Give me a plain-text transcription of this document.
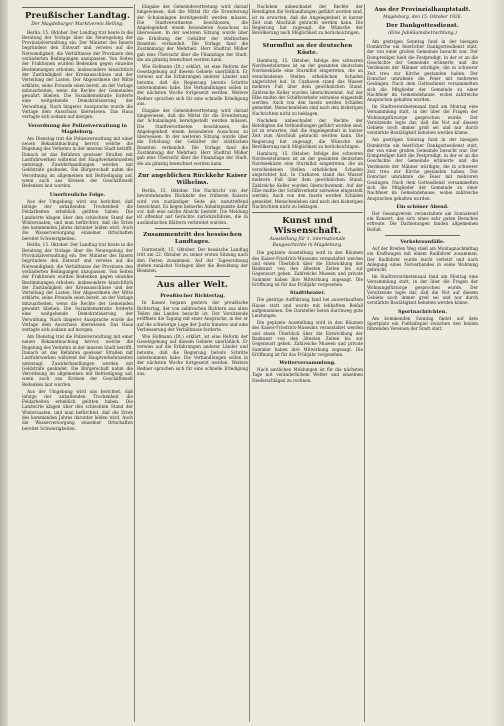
Preußischer Landtag.
Der Magdeburger Marktverein Helling.
Berlin, 15. Oktober. Der Landtag trat heute in die Beratung der Vorlage über die Neuregelung der Provinzialverwaltung ein. Der Minister des Innern begründete den Entwurf und verwies auf die Notwendigkeit, die Verhältnisse der Provinzen den veränderten Bedingungen anzupassen. Von Seiten der Fraktionen wurden Bedenken gegen einzelne Bestimmungen erhoben, insbesondere hinsichtlich der Zuständigkeit der Kreisausschüsse und der Verteilung der Lasten. Der Abgeordnete der Mitte erklärte, seine Freunde seien bereit, an der Vorlage mitzuarbeiten, wenn die Rechte der Gemeinden gewahrt blieben. Die Sozialdemokratie forderte eine weitgehende Demokratisierung der Verwaltung. Nach längerer Aussprache wurde die Vorlage dem Ausschuss überwiesen. Das Haus vertagte sich sodann auf morgen.
Verordnung der Polizeiverwaltung in Magdeburg.
Am Dienstag trat die Polizeiverwaltung mit einer neuen Bekanntmachung hervor, welche die Regelung des Verkehrs in der inneren Stadt betrifft. Danach ist das Befahren gewisser Straßen mit Lastfuhrwerken während der Hauptverkehrszeiten untersagt. Zuwiderhandlungen werden mit Geldstrafe geahndet. Die Bürgerschaft nahm die Verordnung im allgemeinen mit Befriedigung auf, wenn auch aus Kreisen der Geschäftswelt Bedenken laut wurden.
Unerfreuliche Folge.
Aus der Umgebung wird uns berichtet, daß infolge der anhaltenden Trockenheit die Feldarbeiten erheblich gelitten haben. Die Landwirte klagen über den schlechten Stand der Wintersaaten, und man befürchtet, daß die Ernte des kommenden Jahres darunter leiden wird. Auch die Wasserversorgung einzelner Ortschaften bereitet Schwierigkeiten.
Berlin, 15. Oktober. Der Landtag trat heute in die Beratung der Vorlage über die Neuregelung der Provinzialverwaltung ein. Der Minister des Innern begründete den Entwurf und verwies auf die Notwendigkeit, die Verhältnisse der Provinzen den veränderten Bedingungen anzupassen. Von Seiten der Fraktionen wurden Bedenken gegen einzelne Bestimmungen erhoben, insbesondere hinsichtlich der Zuständigkeit der Kreisausschüsse und der Verteilung der Lasten. Der Abgeordnete der Mitte erklärte, seine Freunde seien bereit, an der Vorlage mitzuarbeiten, wenn die Rechte der Gemeinden gewahrt blieben. Die Sozialdemokratie forderte eine weitgehende Demokratisierung der Verwaltung. Nach längerer Aussprache wurde die Vorlage dem Ausschuss überwiesen. Das Haus vertagte sich sodann auf morgen.
Am Dienstag trat die Polizeiverwaltung mit einer neuen Bekanntmachung hervor, welche die Regelung des Verkehrs in der inneren Stadt betrifft. Danach ist das Befahren gewisser Straßen mit Lastfuhrwerken während der Hauptverkehrszeiten untersagt. Zuwiderhandlungen werden mit Geldstrafe geahndet. Die Bürgerschaft nahm die Verordnung im allgemeinen mit Befriedigung auf, wenn auch aus Kreisen der Geschäftswelt Bedenken laut wurden.
Aus der Umgebung wird uns berichtet, daß infolge der anhaltenden Trockenheit die Feldarbeiten erheblich gelitten haben. Die Landwirte klagen über den schlechten Stand der Wintersaaten, und man befürchtet, daß die Ernte des kommenden Jahres darunter leiden wird. Auch die Wasserversorgung einzelner Ortschaften bereitet Schwierigkeiten.
Eingabe der Gemeindevertretung wird darauf hingewiesen, daß die Mittel für die Erweiterung der Schulanlagen bereitgestellt werden müssen. Die Stadtverordneten beschlossen, die Angelegenheit einem besonderen Ausschuss zu überweisen. In der weiteren Sitzung wurde über die Erhöhung der Gehälter der städtischen Beamten verhandelt. Die Vorlage fand die Zustimmung der Mehrheit. Herr Stadtrat Müller gab eine Übersicht über die Finanzlage der Stadt, die als günstig bezeichnet werden kann.
Wie Hofmann (Dt.) erklärt, ist eine Reform der Gesetzgebung auf diesem Gebiete unerläßlich. Er verwies auf die Erfahrungen anderer Länder und betonte, daß die Regierung bereits Schritte unternommen habe. Die Verhandlungen sollen in der nächsten Woche fortgesetzt werden. Weitere Redner sprachen sich für eine schnelle Erledigung aus.
Eingabe der Gemeindevertretung wird darauf hingewiesen, daß die Mittel für die Erweiterung der Schulanlagen bereitgestellt werden müssen. Die Stadtverordneten beschlossen, die Angelegenheit einem besonderen Ausschuss zu überweisen. In der weiteren Sitzung wurde über die Erhöhung der Gehälter der städtischen Beamten verhandelt. Die Vorlage fand die Zustimmung der Mehrheit. Herr Stadtrat Müller gab eine Übersicht über die Finanzlage der Stadt, die als günstig bezeichnet werden kann.
Zur angeblichen Rückkehr Kaiser Wilhelms.
Berlin, 15. Oktober. Die Nachricht von der bevorstehenden Rückkehr des früheren Kaisers wird von zuständiger Seite als unzutreffend bezeichnet. Es liegen keinerlei Anhaltspunkte dafür vor, daß eine solche Absicht besteht. Die Meldung ist offenbar auf Gerüchte zurückzuführen, die in ausländischen Blättern verbreitet wurden.
Zusammentritt des hessischen Landtages.
Darmstadt, 15. Oktober. Der hessische Landtag tritt am 22. Oktober zu seiner ersten Sitzung nach den Ferien zusammen. Auf der Tagesordnung stehen zunächst Vorlagen über die Besoldung der Beamten.
Aus aller Welt.
Preußischer Richtertag.
In Kassel begann gestern der preußische Richtertag, der von zahlreichen Richtern aus allen Teilen des Landes besucht ist. Der Vorsitzende eröffnete die Tagung mit einer Ansprache, in der er auf die schwierige Lage der Justiz hinwies und eine Verbesserung der Verhältnisse forderte.
Wie Hofmann (Dt.) erklärt, ist eine Reform der Gesetzgebung auf diesem Gebiete unerläßlich. Er verwies auf die Erfahrungen anderer Länder und betonte, daß die Regierung bereits Schritte unternommen habe. Die Verhandlungen sollen in der nächsten Woche fortgesetzt werden. Weitere Redner sprachen sich für eine schnelle Erledigung aus.
Nachdem unbeschadet der Rechte der Beteiligten die Verhandlungen geführt worden sind, ist zu erwarten, daß die Angelegenheit in kurzer Zeit zum Abschluß gebracht werden kann. Die Regierung hat zugesagt, die Wünsche der Bevölkerung nach Möglichkeit zu berücksichtigen.
Sturmflut an der deutschen Küste.
Hamburg, 15. Oktober. Infolge des schweren Nordweststurmes ist an der gesamten deutschen Nordseeküste eine Sturmflut eingetreten, die an verschiedenen Stellen erheblichen Schaden angerichtet hat. In Cuxhaven stand das Wasser mehrere Fuß über dem gewöhnlichen Stand. Zahlreiche Keller wurden überschwemmt. Auf der Elbe mußte der Schiffsverkehr zeitweise eingestellt werden. Auch von den Inseln werden Schäden gemeldet. Menschenleben sind nach den bisherigen Nachrichten nicht zu beklagen.
Nachdem unbeschadet der Rechte der Beteiligten die Verhandlungen geführt worden sind, ist zu erwarten, daß die Angelegenheit in kurzer Zeit zum Abschluß gebracht werden kann. Die Regierung hat zugesagt, die Wünsche der Bevölkerung nach Möglichkeit zu berücksichtigen.
Hamburg, 15. Oktober. Infolge des schweren Nordweststurmes ist an der gesamten deutschen Nordseeküste eine Sturmflut eingetreten, die an verschiedenen Stellen erheblichen Schaden angerichtet hat. In Cuxhaven stand das Wasser mehrere Fuß über dem gewöhnlichen Stand. Zahlreiche Keller wurden überschwemmt. Auf der Elbe mußte der Schiffsverkehr zeitweise eingestellt werden. Auch von den Inseln werden Schäden gemeldet. Menschenleben sind nach den bisherigen Nachrichten nicht zu beklagen.
Kunst und Wissenschaft.
Ausstellung für 1. internationale Baugeschichte in Magdeburg.
Die geplante Ausstellung wird in den Räumen des Kaiser-Friedrich-Museums veranstaltet werden und einen Überblick über die Entwicklung der Baukunst von den ältesten Zeiten bis zur Gegenwart geben. Zahlreiche Museen und private Sammler haben ihre Mitwirkung zugesagt. Die Eröffnung ist für das Frühjahr vorgesehen.
Stadttheater.
Die gestrige Aufführung fand bei ausverkauftem Hause statt und wurde mit lebhaftem Beifall aufgenommen. Die Darsteller boten durchweg gute Leistungen.
Die geplante Ausstellung wird in den Räumen des Kaiser-Friedrich-Museums veranstaltet werden und einen Überblick über die Entwicklung der Baukunst von den ältesten Zeiten bis zur Gegenwart geben. Zahlreiche Museen und private Sammler haben ihre Mitwirkung zugesagt. Die Eröffnung ist für das Frühjahr vorgesehen.
Wetterversammlung.
Nach amtlichen Meldungen ist für die nächsten Tage mit veränderlichem Wetter und einzelnen Niederschlägen zu rechnen.
Aus der Provinzialhauptstadt.
Magdeburg, den 15. Oktober 1926.
Der Dankgottesdienst.
(Eine Jubiläumsbetrachtung.)
Am gestrigen Sonntag fand in der hiesigen Domkirche ein feierlicher Dankgottesdienst statt, der von einer großen Gemeinde besucht war. Der Domprediger hielt die Festpredigt, in der er an die Geschichte der Gemeinde erinnerte und die Verdienste der Männer würdigte, die in schwerer Zeit treu zur Kirche gestanden haben. Der Domchor umrahmte die Feier mit mehreren Gesängen. Nach dem Gottesdienst versammelten sich die Mitglieder der Gemeinde zu einer Nachfeier im Gemeindehause, wobei zahlreiche Ansprachen gehalten wurden.
Im Stadtverordnetensaal fand am Montag eine Versammlung statt, in der über die Fragen der Wohnungsfürsorge gesprochen wurde. Der Vorsitzende legte dar, daß die Not auf diesem Gebiete noch immer groß sei und nur durch verstärkte Bautätigkeit behoben werden könne.
Am gestrigen Sonntag fand in der hiesigen Domkirche ein feierlicher Dankgottesdienst statt, der von einer großen Gemeinde besucht war. Der Domprediger hielt die Festpredigt, in der er an die Geschichte der Gemeinde erinnerte und die Verdienste der Männer würdigte, die in schwerer Zeit treu zur Kirche gestanden haben. Der Domchor umrahmte die Feier mit mehreren Gesängen. Nach dem Gottesdienst versammelten sich die Mitglieder der Gemeinde zu einer Nachfeier im Gemeindehause, wobei zahlreiche Ansprachen gehalten wurden.
Ein schöner Abend.
Der Gesangverein veranstaltete am Sonnabend ein Konzert, das sich eines sehr guten Besuches erfreute. Die Darbietungen fanden allgemeinen Beifall.
Verkehrsunfälle.
Auf der Breiten Weg stieß am Montagnachmittag ein Kraftwagen mit einem Radfahrer zusammen. Der Radfahrer wurde leicht verletzt und nach Anlegung eines Notverbandes in seine Wohnung gebracht.
Im Stadtverordnetensaal fand am Montag eine Versammlung statt, in der über die Fragen der Wohnungsfürsorge gesprochen wurde. Der Vorsitzende legte dar, daß die Not auf diesem Gebiete noch immer groß sei und nur durch verstärkte Bautätigkeit behoben werden könne.
Sportnachrichten.
Am kommenden Sonntag findet auf dem Sportplatz ein Fußballspiel zwischen den beiden führenden Vereinen der Stadt statt.
